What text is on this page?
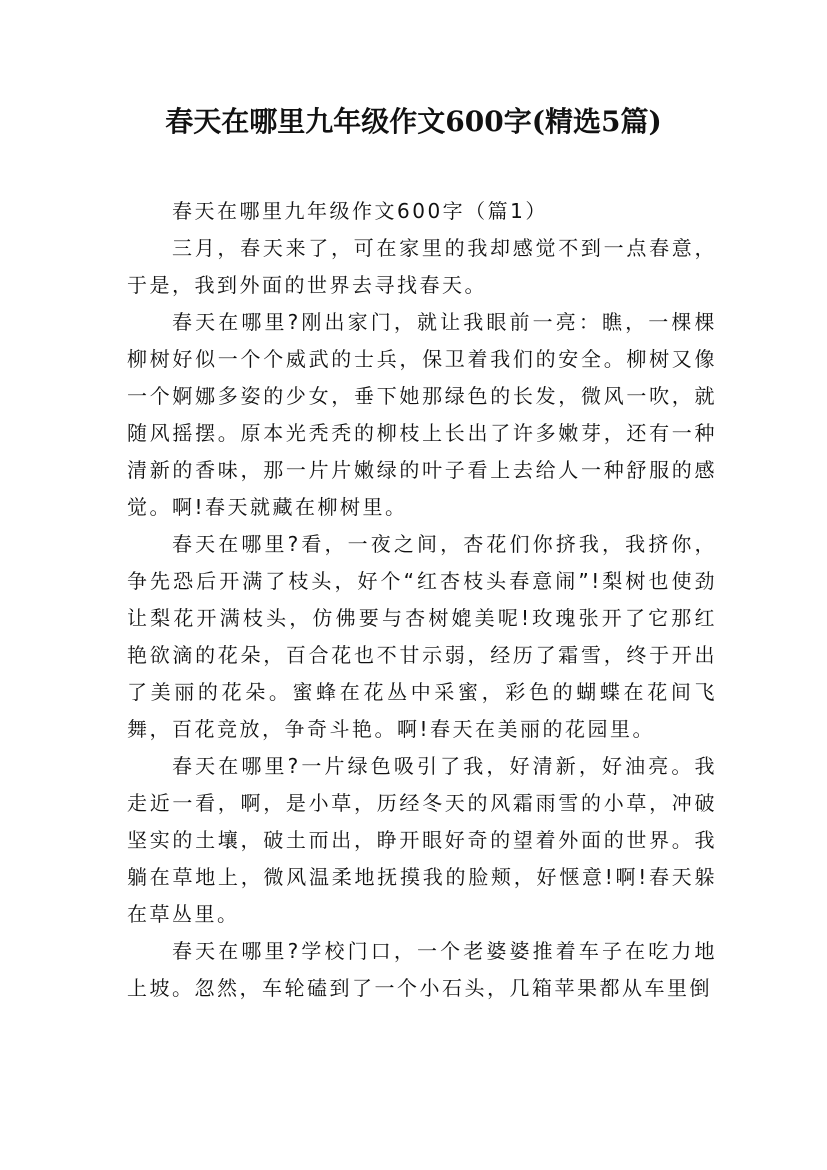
春天在哪里九年级作文600字(精选5篇)

春天在哪里九年级作文600字（篇1）

三月，春天来了，可在家里的我却感觉不到一点春意，于是，我到外面的世界去寻找春天。

春天在哪里?刚出家门，就让我眼前一亮：瞧，一棵棵柳树好似一个个威武的士兵，保卫着我们的安全。柳树又像一个婀娜多姿的少女，垂下她那绿色的长发，微风一吹，就随风摇摆。原本光秃秃的柳枝上长出了许多嫩芽，还有一种清新的香味，那一片片嫩绿的叶子看上去给人一种舒服的感觉。啊!春天就藏在柳树里。

春天在哪里?看，一夜之间，杏花们你挤我，我挤你，争先恐后开满了枝头，好个“红杏枝头春意闹”!梨树也使劲让梨花开满枝头，仿佛要与杏树媲美呢!玫瑰张开了它那红艳欲滴的花朵，百合花也不甘示弱，经历了霜雪，终于开出了美丽的花朵。蜜蜂在花丛中采蜜，彩色的蝴蝶在花间飞舞，百花竞放，争奇斗艳。啊!春天在美丽的花园里。

春天在哪里?一片绿色吸引了我，好清新，好油亮。我走近一看，啊，是小草，历经冬天的风霜雨雪的小草，冲破坚实的土壤，破土而出，睁开眼好奇的望着外面的世界。我躺在草地上，微风温柔地抚摸我的脸颊，好惬意!啊!春天躲在草丛里。

春天在哪里?学校门口，一个老婆婆推着车子在吃力地上坡。忽然，车轮磕到了一个小石头，几箱苹果都从车里倒
